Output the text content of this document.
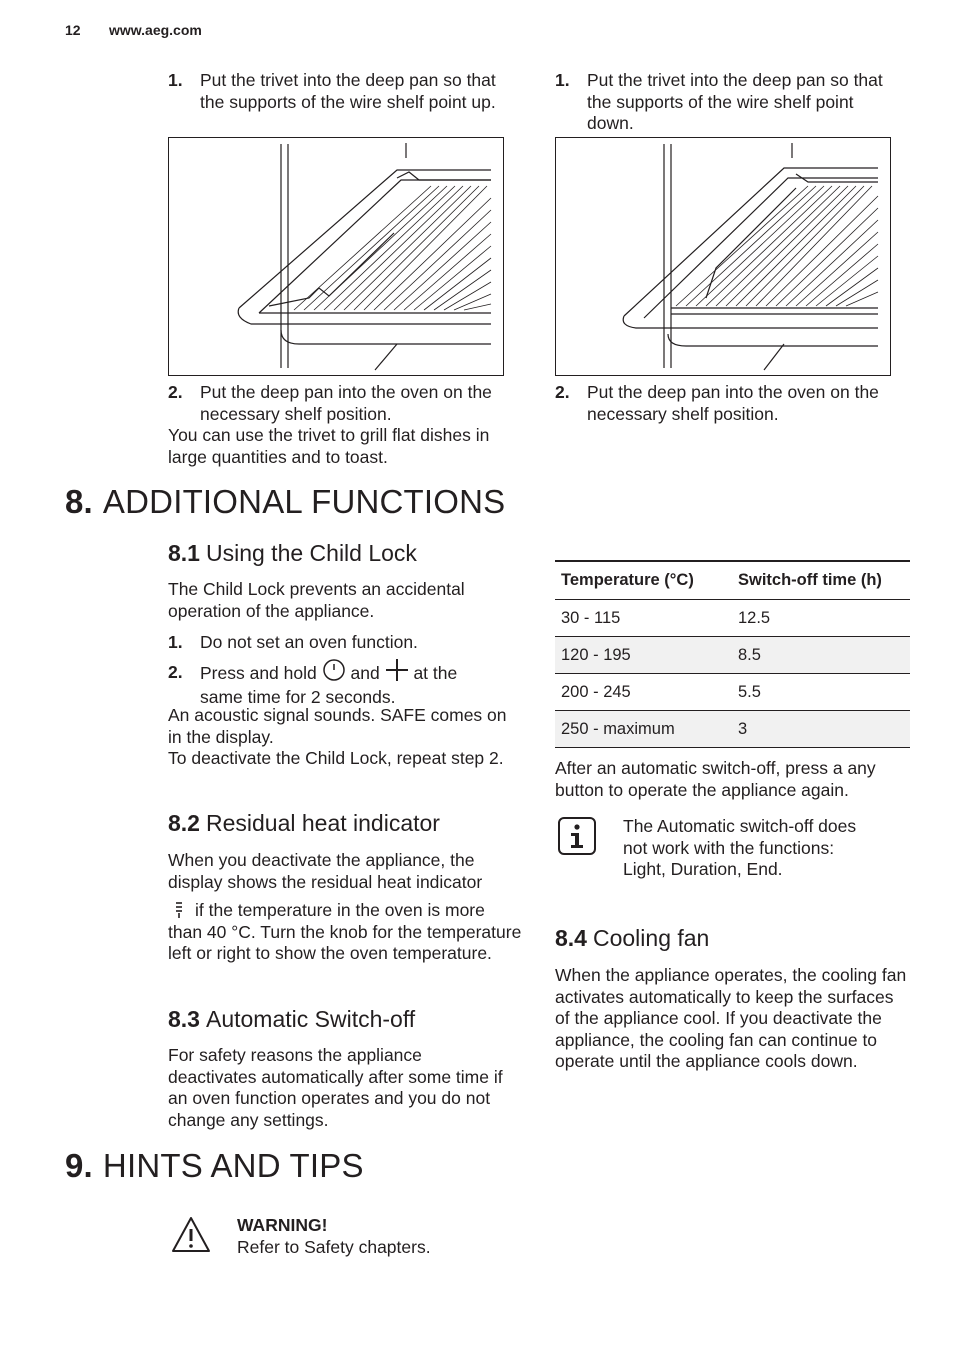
12 www.aeg.com
1. Put the trivet into the deep pan so that the supports of the wire shelf point up.
2. Put the deep pan into the oven on the necessary shelf position.
You can use the trivet to grill flat dishes in large quantities and to toast.
1. Put the trivet into the deep pan so that the supports of the wire shelf point down.
2. Put the deep pan into the oven on the necessary shelf position.
8. ADDITIONAL FUNCTIONS
8.1 Using the Child Lock
The Child Lock prevents an accidental operation of the appliance.
1. Do not set an oven function.
2. Press and hold and at the
same time for 2 seconds.
An acoustic signal sounds. SAFE comes on in the display.
To deactivate the Child Lock, repeat step 2.
8.2 Residual heat indicator
When you deactivate the appliance, the display shows the residual heat indicator
if the temperature in the oven is more than 40 °C. Turn the knob for the temperature left or right to show the oven temperature.
8.3 Automatic Switch-off
For safety reasons the appliance deactivates automatically after some time if an oven function operates and you do not change any settings.
Temperature (°C)	Switch-off time (h)
30 - 115	12.5
120 - 195	8.5
200 - 245	5.5
250 - maximum	3
After an automatic switch-off, press a any button to operate the appliance again.
The Automatic switch-off does not work with the functions: Light, Duration, End.
8.4 Cooling fan
When the appliance operates, the cooling fan activates automatically to keep the surfaces of the appliance cool. If you deactivate the appliance, the cooling fan can continue to operate until the appliance cools down.
9. HINTS AND TIPS
WARNING!
Refer to Safety chapters.
